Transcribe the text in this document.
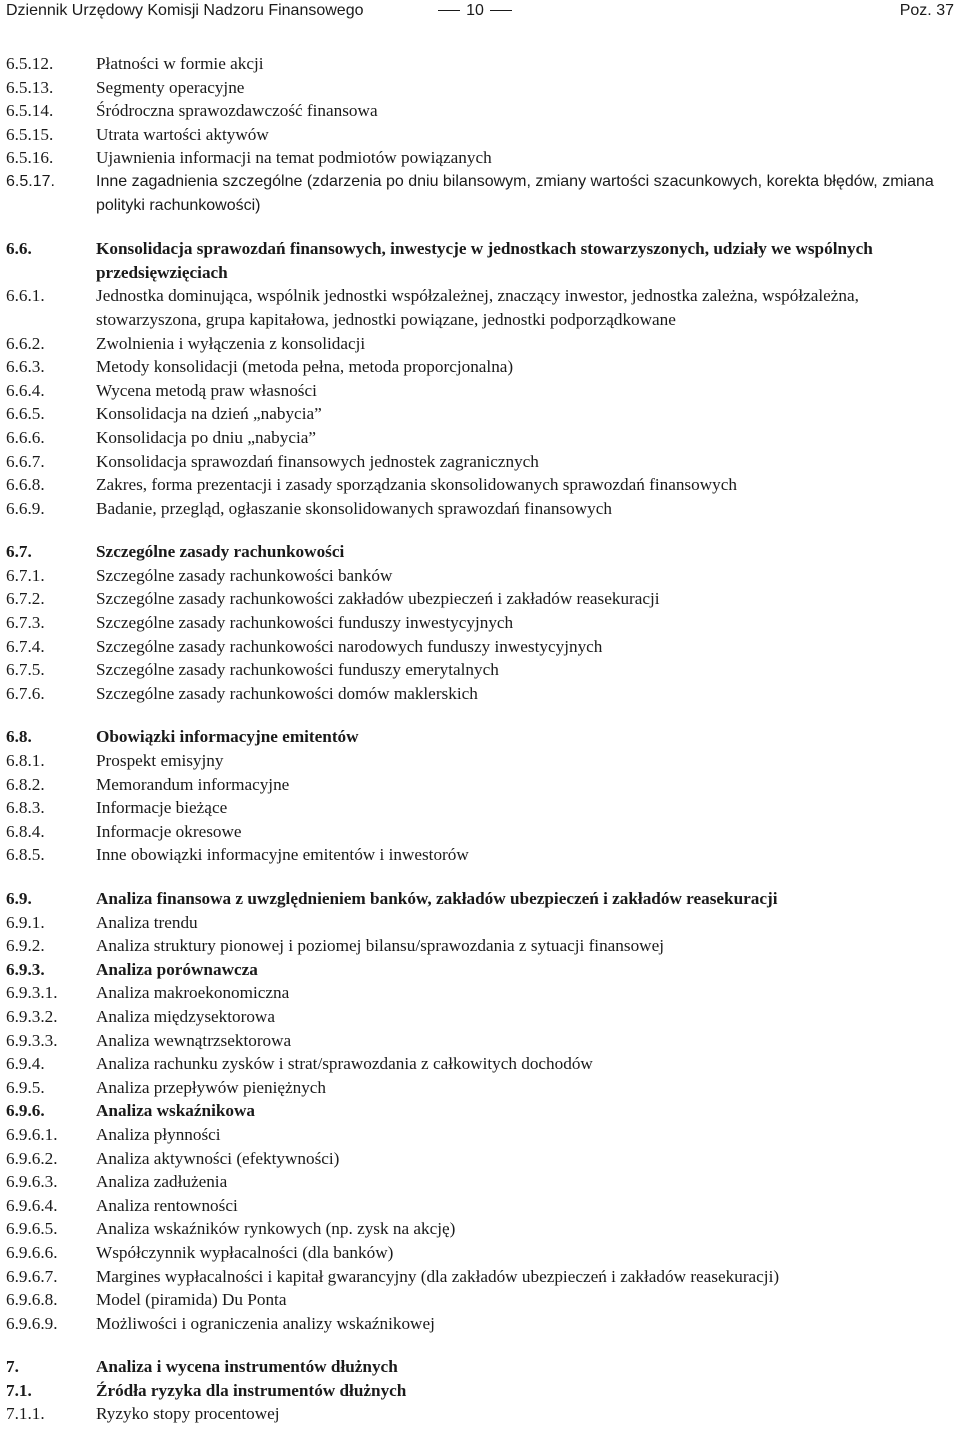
Dziennik Urzędowy Komisji Nadzoru Finansowego	10	Poz. 37
6.5.12.	Płatności w formie akcji
6.5.13.	Segmenty operacyjne
6.5.14.	Śródroczna sprawozdawczość finansowa
6.5.15.	Utrata wartości aktywów
6.5.16.	Ujawnienia informacji na temat podmiotów powiązanych
6.5.17.	Inne zagadnienia szczególne (zdarzenia po dniu bilansowym, zmiany wartości szacunkowych, korekta błędów, zmiana polityki rachunkowości)
6.6.	Konsolidacja sprawozdań finansowych, inwestycje w jednostkach stowarzyszonych, udziały we wspólnych przedsięwzięciach
6.6.1.	Jednostka dominująca, wspólnik jednostki współzależnej, znaczący inwestor, jednostka zależna, współzależna, stowarzyszona, grupa kapitałowa, jednostki powiązane, jednostki podporządkowane
6.6.2.	Zwolnienia i wyłączenia z konsolidacji
6.6.3.	Metody konsolidacji (metoda pełna, metoda proporcjonalna)
6.6.4.	Wycena metodą praw własności
6.6.5.	Konsolidacja na dzień „nabycia”
6.6.6.	Konsolidacja po dniu „nabycia”
6.6.7.	Konsolidacja sprawozdań finansowych jednostek zagranicznych
6.6.8.	Zakres, forma prezentacji i zasady sporządzania skonsolidowanych sprawozdań finansowych
6.6.9.	Badanie, przegląd, ogłaszanie skonsolidowanych sprawozdań finansowych
6.7.	Szczególne zasady rachunkowości
6.7.1.	Szczególne zasady rachunkowości banków
6.7.2.	Szczególne zasady rachunkowości zakładów ubezpieczeń i zakładów reasekuracji
6.7.3.	Szczególne zasady rachunkowości funduszy inwestycyjnych
6.7.4.	Szczególne zasady rachunkowości narodowych funduszy inwestycyjnych
6.7.5.	Szczególne zasady rachunkowości funduszy emerytalnych
6.7.6.	Szczególne zasady rachunkowości domów maklerskich
6.8.	Obowiązki informacyjne emitentów
6.8.1.	Prospekt emisyjny
6.8.2.	Memorandum informacyjne
6.8.3.	Informacje bieżące
6.8.4.	Informacje okresowe
6.8.5.	Inne obowiązki informacyjne emitentów i inwestorów
6.9.	Analiza finansowa z uwzględnieniem banków, zakładów ubezpieczeń i zakładów reasekuracji
6.9.1.	Analiza trendu
6.9.2.	Analiza struktury pionowej i poziomej bilansu/sprawozdania z sytuacji finansowej
6.9.3.	Analiza porównawcza
6.9.3.1.	Analiza makroekonomiczna
6.9.3.2.	Analiza międzysektorowa
6.9.3.3.	Analiza wewnątrzsektorowa
6.9.4.	Analiza rachunku zysków i strat/sprawozdania z całkowitych dochodów
6.9.5.	Analiza przepływów pieniężnych
6.9.6.	Analiza wskaźnikowa
6.9.6.1.	Analiza płynności
6.9.6.2.	Analiza aktywności (efektywności)
6.9.6.3.	Analiza zadłużenia
6.9.6.4.	Analiza rentowności
6.9.6.5.	Analiza wskaźników rynkowych (np. zysk na akcję)
6.9.6.6.	Współczynnik wypłacalności (dla banków)
6.9.6.7.	Margines wypłacalności i kapitał gwarancyjny (dla zakładów ubezpieczeń i zakładów reasekuracji)
6.9.6.8.	Model (piramida) Du Ponta
6.9.6.9.	Możliwości i ograniczenia analizy wskaźnikowej
7.	Analiza i wycena instrumentów dłużnych
7.1.	Źródła ryzyka dla instrumentów dłużnych
7.1.1.	Ryzyko stopy procentowej
